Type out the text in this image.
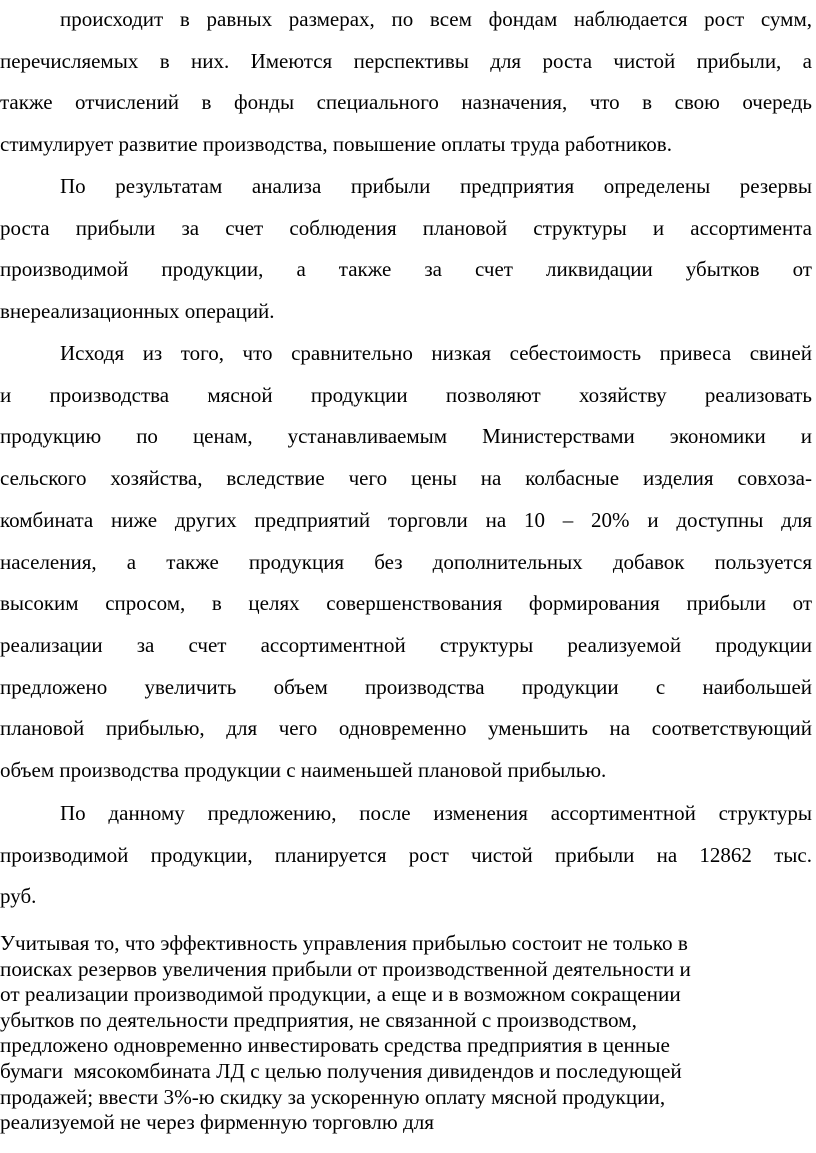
происходит в равных размерах, по всем фондам наблюдается рост сумм,

перечисляемых в них. Имеются перспективы для роста чистой прибыли, а

также отчислений в фонды специального назначения, что в свою очередь

стимулирует развитие производства, повышение оплаты труда работников.

По результатам анализа прибыли предприятия определены резервы

роста прибыли за счет соблюдения плановой структуры и ассортимента

производимой продукции, а также за счет ликвидации убытков от

внереализационных операций.

Исходя из того, что сравнительно низкая себестоимость привеса свиней

и производства мясной продукции позволяют хозяйству реализовать

продукцию по ценам, устанавливаемым Министерствами экономики и

сельского хозяйства, вследствие чего цены на колбасные изделия совхоза-

комбината ниже других предприятий торговли на 10 – 20% и доступны для

населения, а также продукция без дополнительных добавок пользуется

высоким спросом, в целях совершенствования формирования прибыли от

реализации за счет ассортиментной структуры реализуемой продукции

предложено увеличить объем производства продукции с наибольшей

плановой прибылью, для чего одновременно уменьшить на соответствующий

объем производства продукции с наименьшей плановой прибылью.

По данному предложению, после изменения ассортиментной структуры

производимой продукции, планируется рост чистой прибыли на 12862 тыс.

руб.

Учитывая то, что эффективность управления прибылью состоит не только в

поисках резервов увеличения прибыли от производственной деятельности и

от реализации производимой продукции, а еще и в возможном сокращении

убытков по деятельности предприятия, не связанной с производством,

предложено одновременно инвестировать средства предприятия в ценные

бумаги  мясокомбината ЛД с целью получения дивидендов и последующей

продажей; ввести 3%-ю скидку за ускоренную оплату мясной продукции,

реализуемой не через фирменную торговлю для
